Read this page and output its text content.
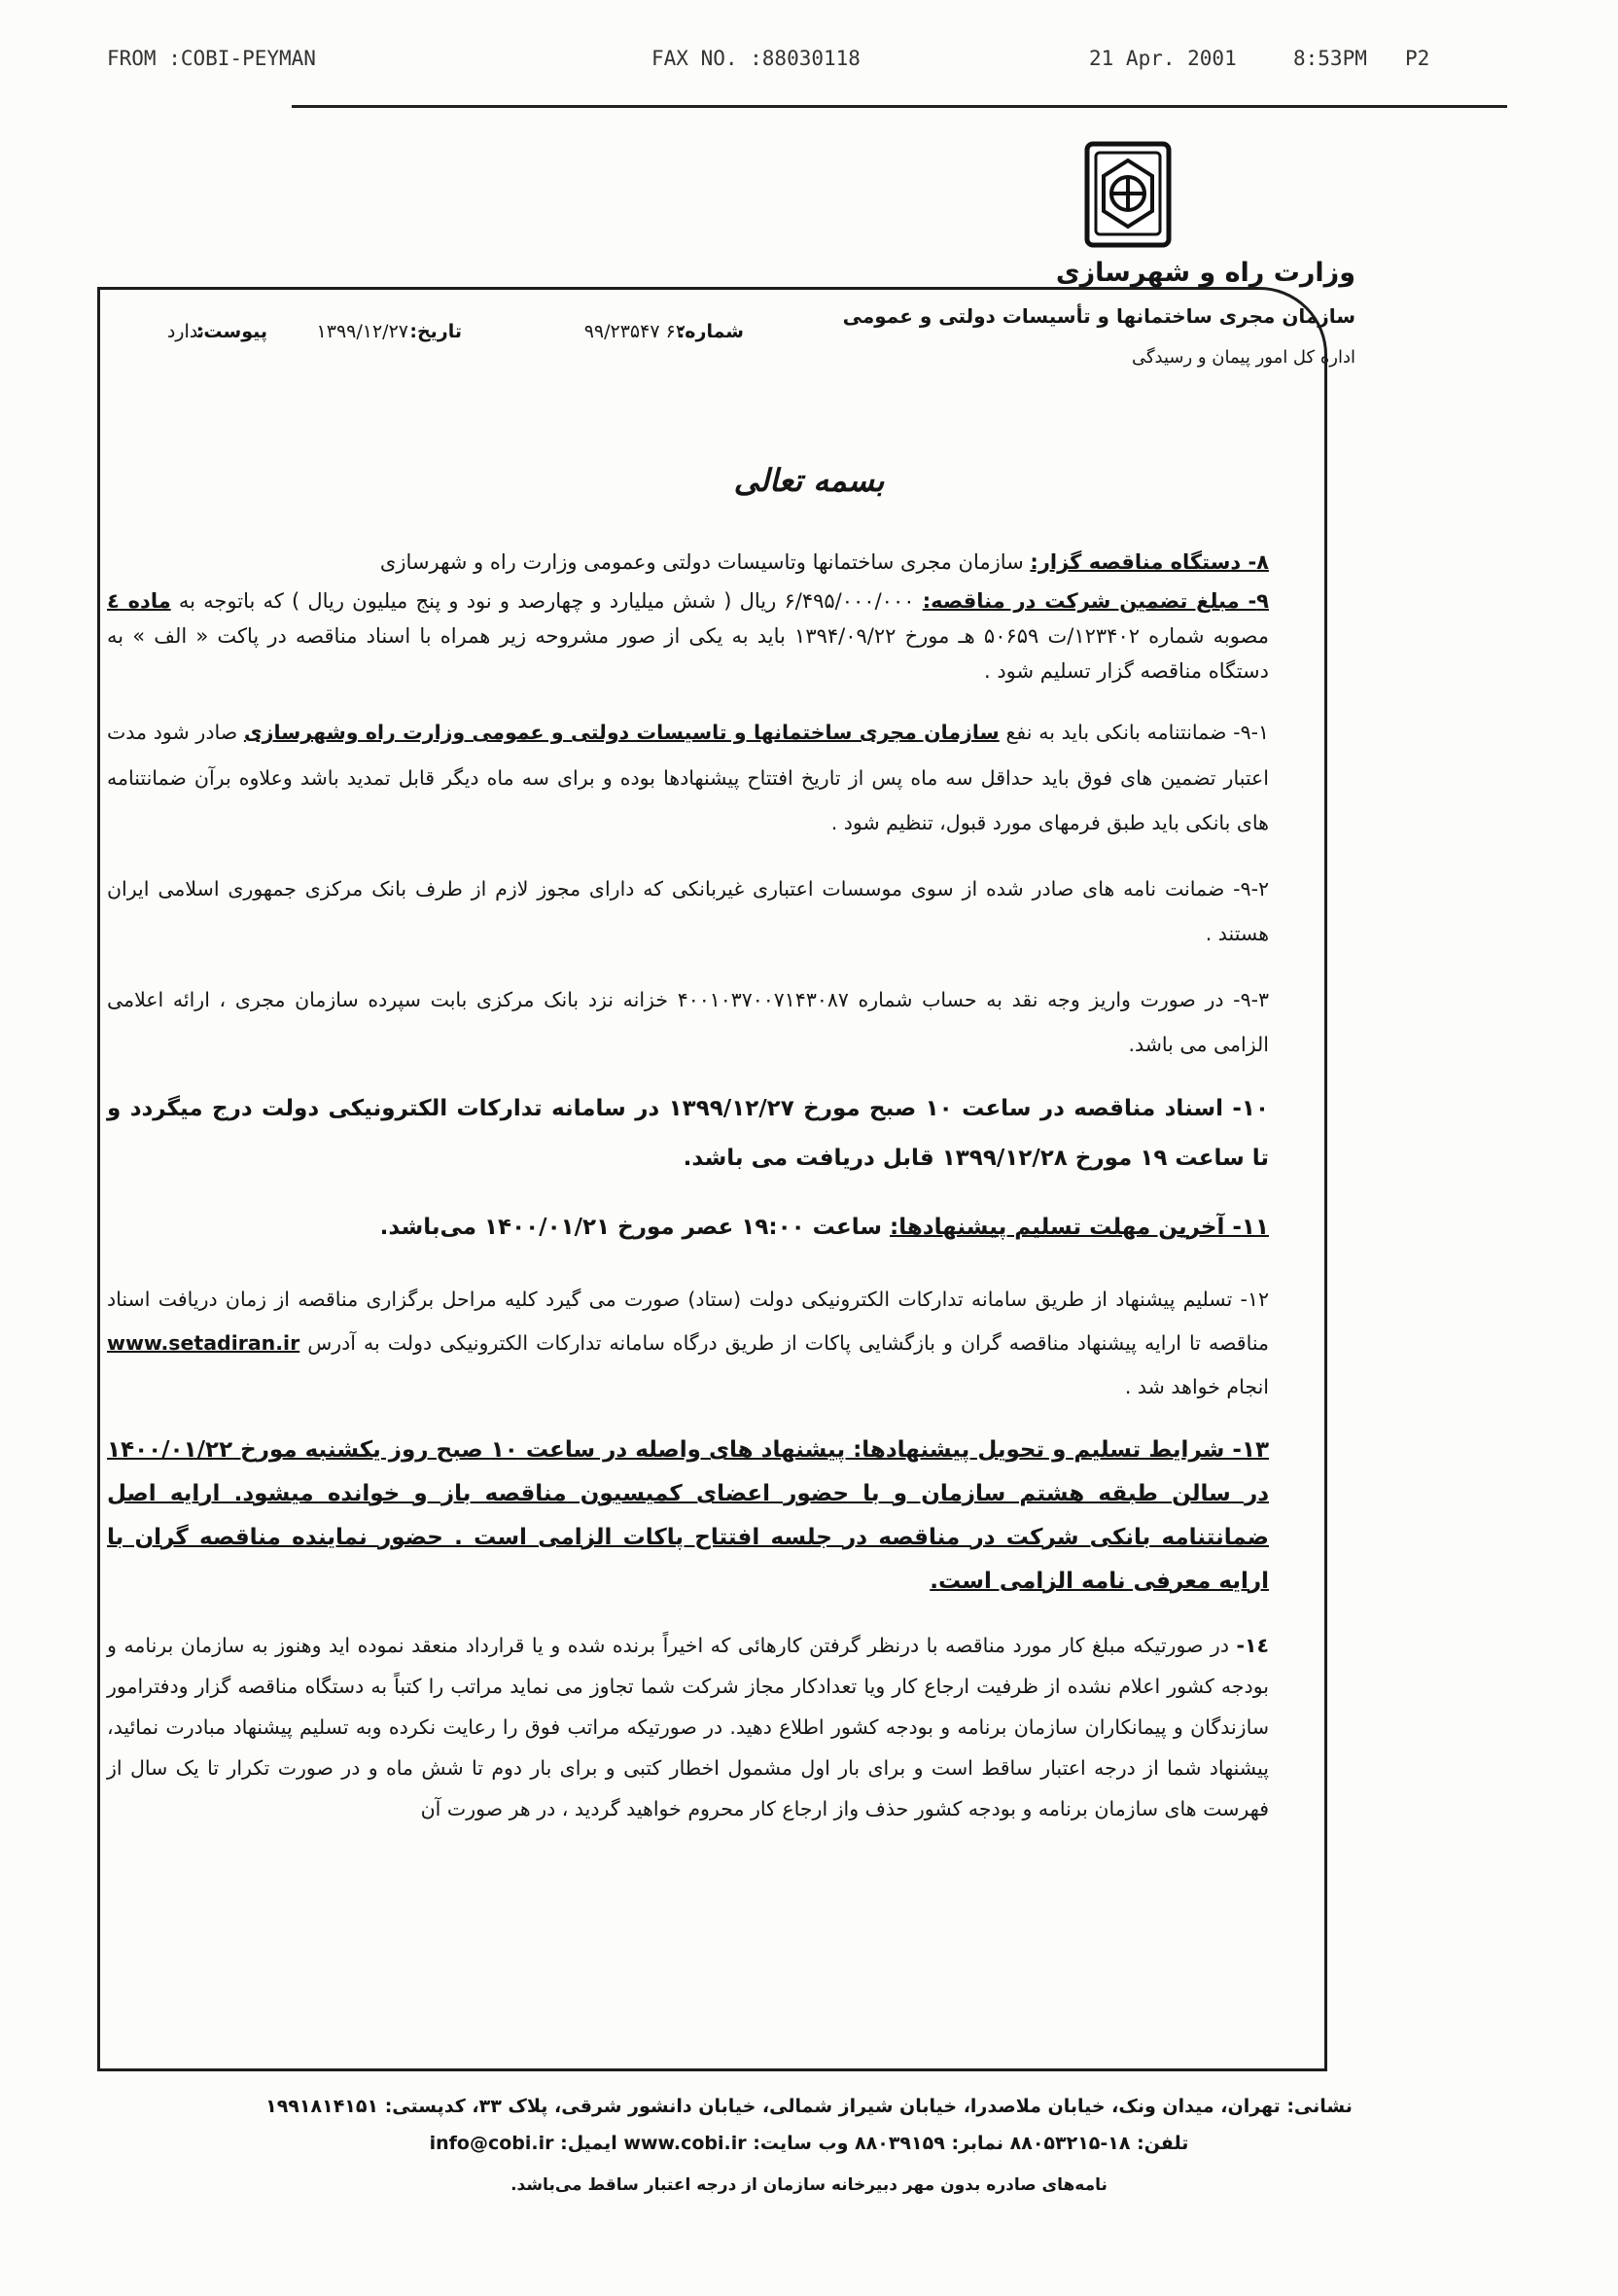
FROM :COBI-PEYMAN	FAX NO. :88030118	21 Apr. 2001	8:53PM P2
وزارت راه و شهرسازی
سازمان مجری ساختمانها و تأسیسات دولتی و عمومی
اداره کل امور پیمان و رسیدگی
شماره:
۹۹/۲۳۵۴۷ ۶۲
تاریخ:
۱۳۹۹/۱۲/۲۷
پیوست:
ندارد
بسمه تعالی

۸- دستگاه مناقصه گزار: سازمان مجری ساختمانها وتاسیسات دولتی وعمومی وزارت راه و شهرسازی

۹- مبلغ تضمین شرکت در مناقصه: ۶/۴۹۵/۰۰۰/۰۰۰ ریال ( شش میلیارد و چهارصد و نود و پنج میلیون ریال ) که باتوجه به ماده ٤ مصوبه شماره ۱۲۳۴۰۲/ت ۵۰۶۵۹ هـ مورخ ۱۳۹۴/۰۹/۲۲ باید به یکی از صور مشروحه زیر همراه با اسناد مناقصه در پاکت « الف » به دستگاه مناقصه گزار تسلیم شود .

۹-۱- ضمانتنامه بانکی باید به نفع سازمان مجری ساختمانها و تاسیسات دولتی و عمومی وزارت راه وشهرسازی صادر شود مدت اعتبار تضمین های فوق باید حداقل سه ماه پس از تاریخ افتتاح پیشنهادها بوده و برای سه ماه دیگر قابل تمدید باشد وعلاوه برآن ضمانتنامه های بانکی باید طبق فرمهای مورد قبول، تنظیم شود .

۹-۲- ضمانت نامه های صادر شده از سوی موسسات اعتباری غیربانکی که دارای مجوز لازم از طرف بانک مرکزی جمهوری اسلامی ایران هستند .

۹-۳- در صورت واریز وجه نقد به حساب شماره ۴۰۰۱۰۳۷۰۰۷۱۴۳۰۸۷ خزانه نزد بانک مرکزی بابت سپرده سازمان مجری ، ارائه اعلامی الزامی می باشد.

۱۰- اسناد مناقصه در ساعت ۱۰ صبح مورخ ۱۳۹۹/۱۲/۲۷ در سامانه تدارکات الکترونیکی دولت درج میگردد و تا ساعت ۱۹ مورخ ۱۳۹۹/۱۲/۲۸ قابل دریافت می باشد.

۱۱- آخرین مهلت تسلیم پیشنهادها: ساعت ۱۹:۰۰ عصر مورخ ۱۴۰۰/۰۱/۲۱ می‌باشد.

۱۲- تسلیم پیشنهاد از طریق سامانه تدارکات الکترونیکی دولت (ستاد) صورت می گیرد کلیه مراحل برگزاری مناقصه از زمان دریافت اسناد مناقصه تا ارایه پیشنهاد مناقصه گران و بازگشایی پاکات از طریق درگاه سامانه تدارکات الکترونیکی دولت به آدرس www.setadiran.ir انجام خواهد شد .

۱۳- شرایط تسلیم و تحویل پیشنهادها: پیشنهاد های واصله در ساعت ۱۰ صبح روز یکشنبه مورخ ۱۴۰۰/۰۱/۲۲ در سالن طبقه هشتم سازمان و با حضور اعضای کمیسیون مناقصه باز و خوانده میشود. ارایه اصل ضمانتنامه بانکی شرکت در مناقصه در جلسه افتتاح پاکات الزامی است . حضور نماینده مناقصه گران با ارایه معرفی نامه الزامی است.

١٤- در صورتیکه مبلغ کار مورد مناقصه با درنظر گرفتن کارهائی که اخیراً برنده شده و یا قرارداد منعقد نموده اید وهنوز به سازمان برنامه و بودجه کشور اعلام نشده از ظرفیت ارجاع کار ویا تعدادکار مجاز شرکت شما تجاوز می نماید مراتب را کتباً به دستگاه مناقصه گزار ودفترامور سازندگان و پیمانکاران سازمان برنامه و بودجه کشور اطلاع دهید. در صورتیکه مراتب فوق را رعایت نکرده وبه تسلیم پیشنهاد مبادرت نمائید، پیشنهاد شما از درجه اعتبار ساقط است و برای بار اول مشمول اخطار کتبی و برای بار دوم تا شش ماه و در صورت تکرار تا یک سال از فهرست های سازمان برنامه و بودجه کشور حذف واز ارجاع کار محروم خواهید گردید ، در هر صورت آن

نشانی: تهران، میدان ونک، خیابان ملاصدرا، خیابان شیراز شمالی، خیابان دانشور شرقی، پلاک ۳۳، کدپستی: ۱۹۹۱۸۱۴۱۵۱
تلفن: ۱۸-۸۸۰۵۳۲۱۵ نمابر: ۸۸۰۳۹۱۵۹ وب سایت: www.cobi.ir ایمیل: info@cobi.ir
نامه‌های صادره بدون مهر دبیرخانه سازمان از درجه اعتبار ساقط می‌باشد.
